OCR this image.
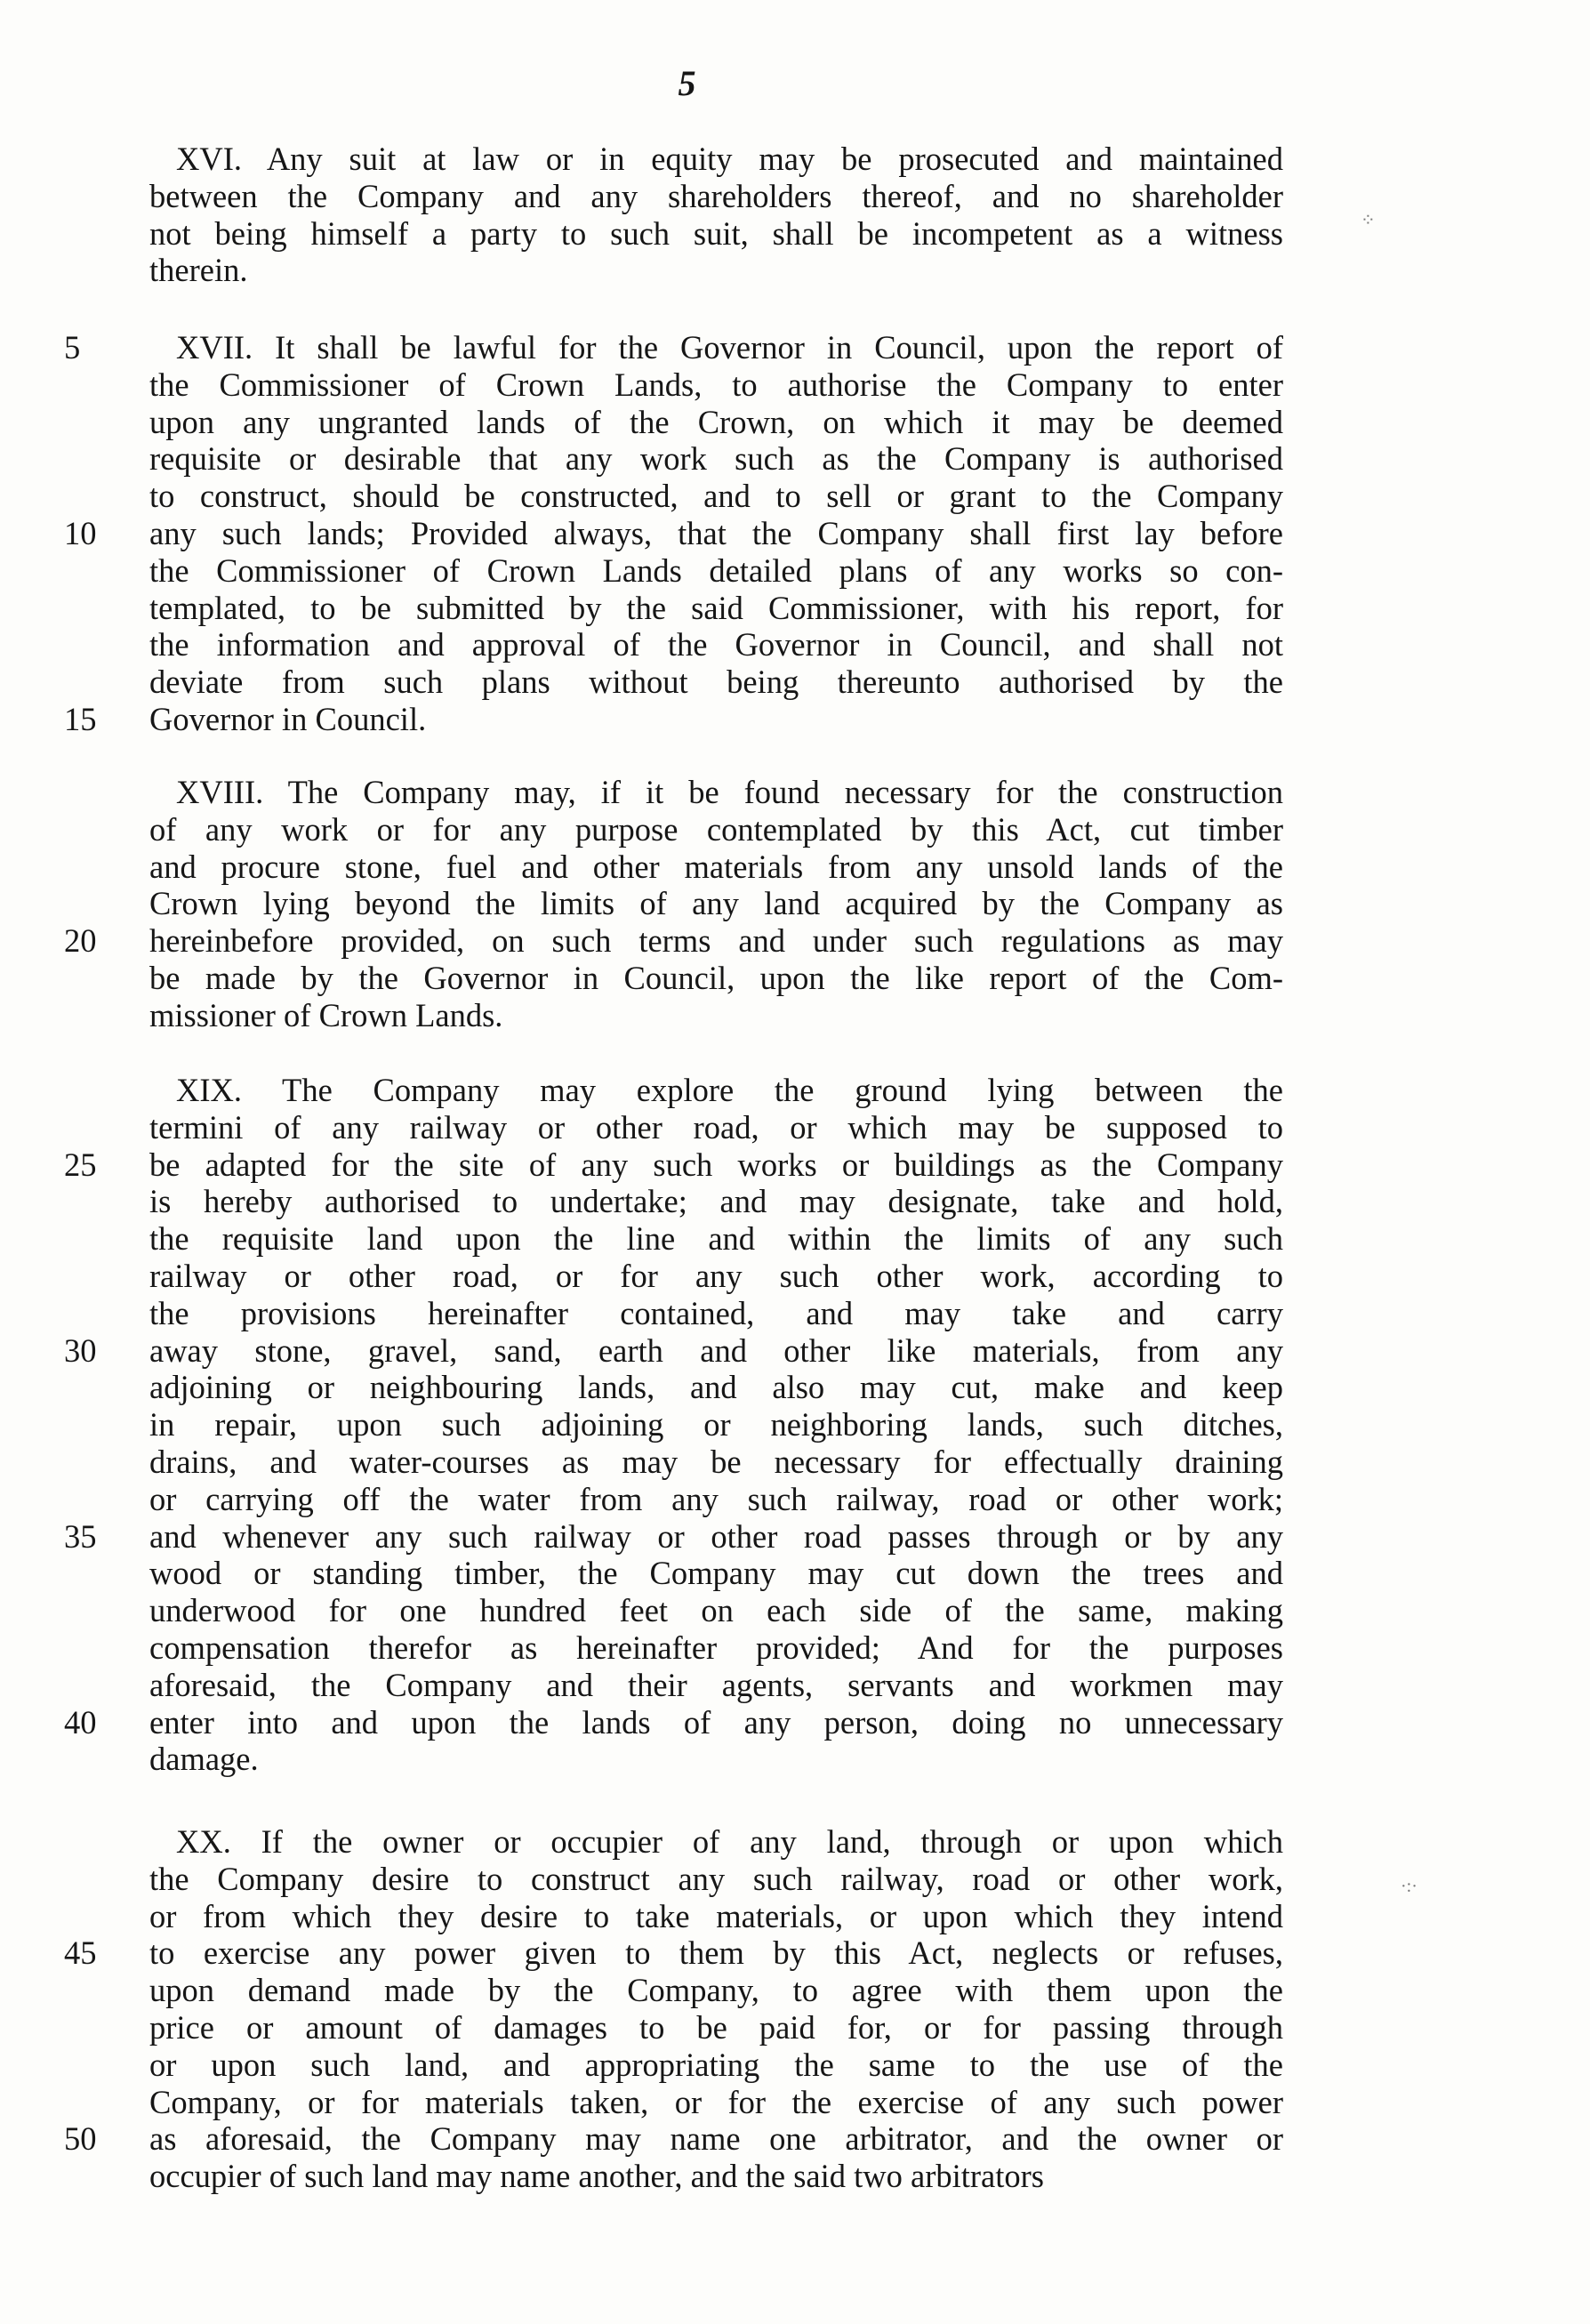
5
XVI. Any suit at law or in equity may be prosecuted and maintained
between the Company and any shareholders thereof, and no shareholder
not being himself a party to such suit, shall be incompetent as a witness
therein.
XVII. It shall be lawful for the Governor in Council, upon the report of
the Commissioner of Crown Lands, to authorise the Company to enter
upon any ungranted lands of the Crown, on which it may be deemed
requisite or desirable that any work such as the Company is authorised
to construct, should be constructed, and to sell or grant to the Company
any such lands; Provided always, that the Company shall first lay before
the Commissioner of Crown Lands detailed plans of any works so con-
templated, to be submitted by the said Commissioner, with his report, for
the information and approval of the Governor in Council, and shall not
deviate from such plans without being thereunto authorised by the
Governor in Council.
5
10
15
XVIII. The Company may, if it be found necessary for the construction
of any work or for any purpose contemplated by this Act, cut timber
and procure stone, fuel and other materials from any unsold lands of the
Crown lying beyond the limits of any land acquired by the Company as
hereinbefore provided, on such terms and under such regulations as may
be made by the Governor in Council, upon the like report of the Com-
missioner of Crown Lands.
20
XIX. The Company may explore the ground lying between the
termini of any railway or other road, or which may be supposed to
be adapted for the site of any such works or buildings as the Company
is hereby authorised to undertake; and may designate, take and hold,
the requisite land upon the line and within the limits of any such
railway or other road, or for any such other work, according to
the provisions hereinafter contained, and may take and carry
away stone, gravel, sand, earth and other like materials, from any
adjoining or neighbouring lands, and also may cut, make and keep
in repair, upon such adjoining or neighboring lands, such ditches,
drains, and water-courses as may be necessary for effectually draining
or carrying off the water from any such railway, road or other work;
and whenever any such railway or other road passes through or by any
wood or standing timber, the Company may cut down the trees and
underwood for one hundred feet on each side of the same, making
compensation therefor as hereinafter provided; And for the purposes
aforesaid, the Company and their agents, servants and workmen may
enter into and upon the lands of any person, doing no unnecessary
damage.
25
30
35
40
XX. If the owner or occupier of any land, through or upon which
the Company desire to construct any such railway, road or other work,
or from which they desire to take materials, or upon which they intend
to exercise any power given to them by this Act, neglects or refuses,
upon demand made by the Company, to agree with them upon the
price or amount of damages to be paid for, or for passing through
or upon such land, and appropriating the same to the use of the
Company, or for materials taken, or for the exercise of any such power
as aforesaid, the Company may name one arbitrator, and the owner or
occupier of such land may name another, and the said two arbitrators
45
50
⁘
·:·
